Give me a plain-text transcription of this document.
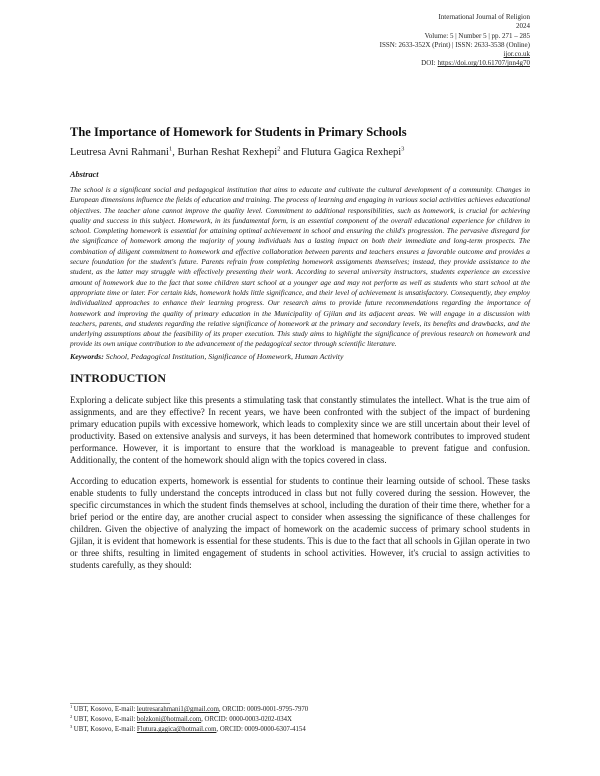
International Journal of Religion
2024
Volume: 5 | Number 5 | pp. 271 – 285
ISSN: 2633-352X (Print) | ISSN: 2633-3538 (Online)
ijor.co.uk
DOI: https://doi.org/10.61707/jnn4g70
The Importance of Homework for Students in Primary Schools
Leutresa Avni Rahmani$^1$, Burhan Reshat Rexhepi$^2$ and Flutura Gagica Rexhepi$^3$
Abstract

The school is a significant social and pedagogical institution that aims to educate and cultivate the cultural development of a community. Changes in European dimensions influence the fields of education and training. The process of learning and engaging in various social activities achieves educational objectives. The teacher alone cannot improve the quality level. Commitment to additional responsibilities, such as homework, is crucial for achieving quality and success in this subject. Homework, in its fundamental form, is an essential component of the overall educational experience for children in school. Completing homework is essential for attaining optimal achievement in school and ensuring the child's progression. The pervasive disregard for the significance of homework among the majority of young individuals has a lasting impact on both their immediate and long-term prospects. The combination of diligent commitment to homework and effective collaboration between parents and teachers ensures a favorable outcome and provides a secure foundation for the student's future. Parents refrain from completing homework assignments themselves; instead, they provide assistance to the student, as the latter may struggle with effectively presenting their work. According to several university instructors, students experience an excessive amount of homework due to the fact that some children start school at a younger age and may not perform as well as students who start school at the appropriate time or later. For certain kids, homework holds little significance, and their level of achievement is unsatisfactory. Consequently, they employ individualized approaches to enhance their learning progress. Our research aims to provide future recommendations regarding the importance of homework and improving the quality of primary education in the Municipality of Gjilan and its adjacent areas. We will engage in a discussion with teachers, parents, and students regarding the relative significance of homework at the primary and secondary levels, its benefits and drawbacks, and the underlying assumptions about the feasibility of its proper execution. This study aims to highlight the significance of previous research on homework and provide its own unique contribution to the advancement of the pedagogical sector through scientific literature.

Keywords: School, Pedagogical Institution, Significance of Homework, Human Activity

INTRODUCTION

Exploring a delicate subject like this presents a stimulating task that constantly stimulates the intellect. What is the true aim of assignments, and are they effective? In recent years, we have been confronted with the subject of the impact of burdening primary education pupils with excessive homework, which leads to complexity since we are still uncertain about their level of productivity. Based on extensive analysis and surveys, it has been determined that homework contributes to improved student performance. However, it is important to ensure that the workload is manageable to prevent fatigue and confusion. Additionally, the content of the homework should align with the topics covered in class.

According to education experts, homework is essential for students to continue their learning outside of school. These tasks enable students to fully understand the concepts introduced in class but not fully covered during the session. However, the specific circumstances in which the student finds themselves at school, including the duration of their time there, whether for a brief period or the entire day, are another crucial aspect to consider when assessing the significance of these challenges for children. Given the objective of analyzing the impact of homework on the academic success of primary school students in Gjilan, it is evident that homework is essential for these students. This is due to the fact that all schools in Gjilan operate in two or three shifts, resulting in limited engagement of students in school activities. However, it's crucial to assign activities to students carefully, as they should:

$^1$ UBT, Kosovo, E-mail: leutresarahmani1@gmail.com, ORCID: 0009-0001-9795-7970
$^2$ UBT, Kosovo, E-mail: bolzkoni@hotmail.com, ORCID: 0000-0003-0202-034X
$^3$ UBT, Kosovo, E-mail: Flutura.gagica@hotmail.com, ORCID: 0009-0000-6307-4154
